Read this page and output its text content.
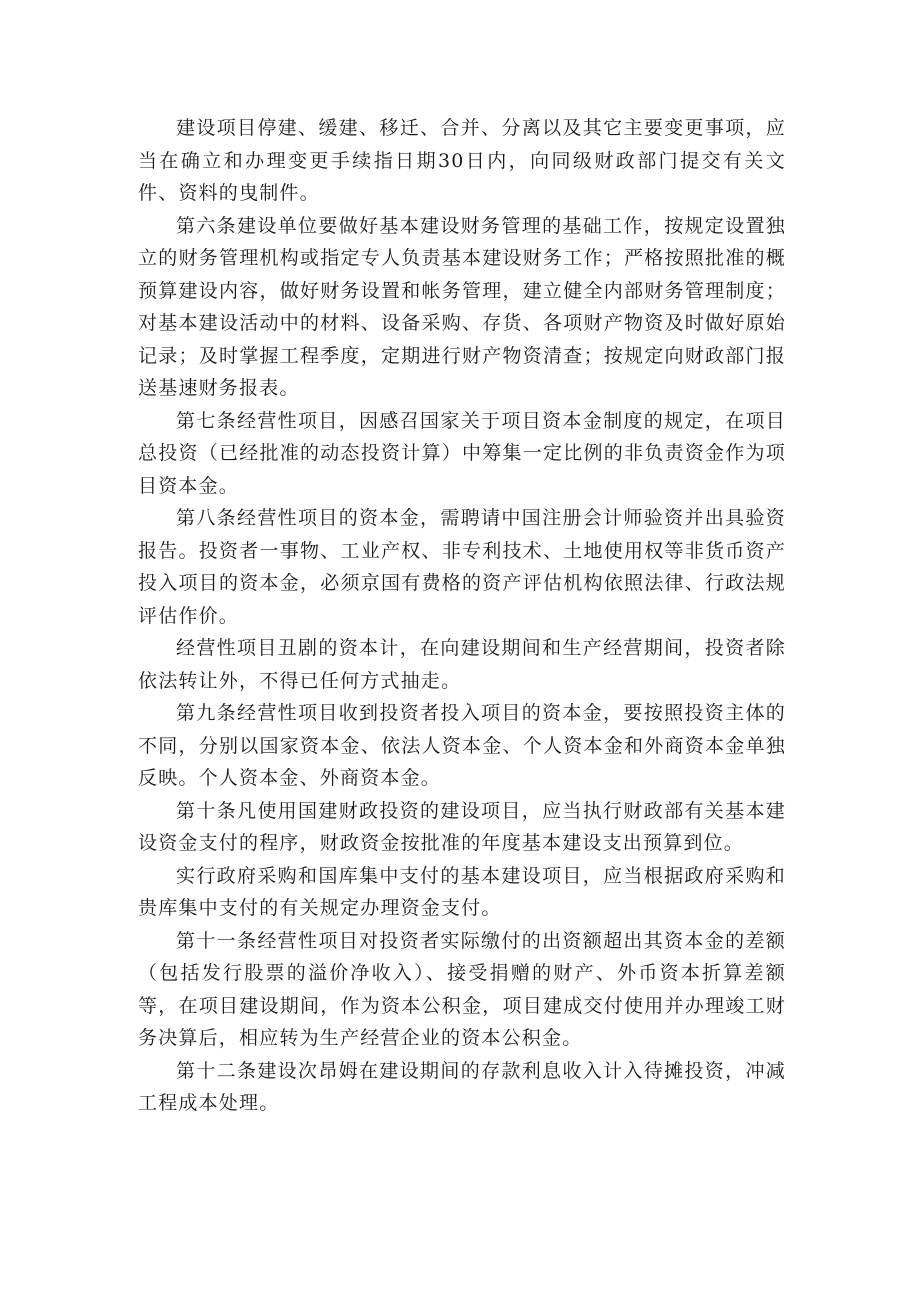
建设项目停建、缓建、移迁、合并、分离以及其它主要变更事项，应当在确立和办理变更手续指日期30日内，向同级财政部门提交有关文件、资料的曳制件。

第六条建设单位要做好基本建设财务管理的基础工作，按规定设置独立的财务管理机构或指定专人负责基本建设财务工作；严格按照批准的概预算建设内容，做好财务设置和帐务管理，建立健全内部财务管理制度；对基本建设活动中的材料、设备采购、存货、各项财产物资及时做好原始记录；及时掌握工程季度，定期进行财产物资清查；按规定向财政部门报送基速财务报表。

第七条经营性项目，因感召国家关于项目资本金制度的规定，在项目总投资（已经批准的动态投资计算）中筹集一定比例的非负责资金作为项目资本金。

第八条经营性项目的资本金，需聘请中国注册会计师验资并出具验资报告。投资者一事物、工业产权、非专利技术、土地使用权等非货币资产投入项目的资本金，必须京国有费格的资产评估机构依照法律、行政法规评估作价。

经营性项目丑剧的资本计，在向建设期间和生产经营期间，投资者除依法转让外，不得已任何方式抽走。

第九条经营性项目收到投资者投入项目的资本金，要按照投资主体的不同，分别以国家资本金、依法人资本金、个人资本金和外商资本金单独反映。个人资本金、外商资本金。

第十条凡使用国建财政投资的建设项目，应当执行财政部有关基本建设资金支付的程序，财政资金按批准的年度基本建设支出预算到位。

实行政府采购和国库集中支付的基本建设项目，应当根据政府采购和贵库集中支付的有关规定办理资金支付。

第十一条经营性项目对投资者实际缴付的出资额超出其资本金的差额（包括发行股票的溢价净收入）、接受捐赠的财产、外币资本折算差额等，在项目建设期间，作为资本公积金，项目建成交付使用并办理竣工财务决算后，相应转为生产经营企业的资本公积金。

第十二条建设次昂姆在建设期间的存款利息收入计入待摊投资，冲减工程成本处理。
